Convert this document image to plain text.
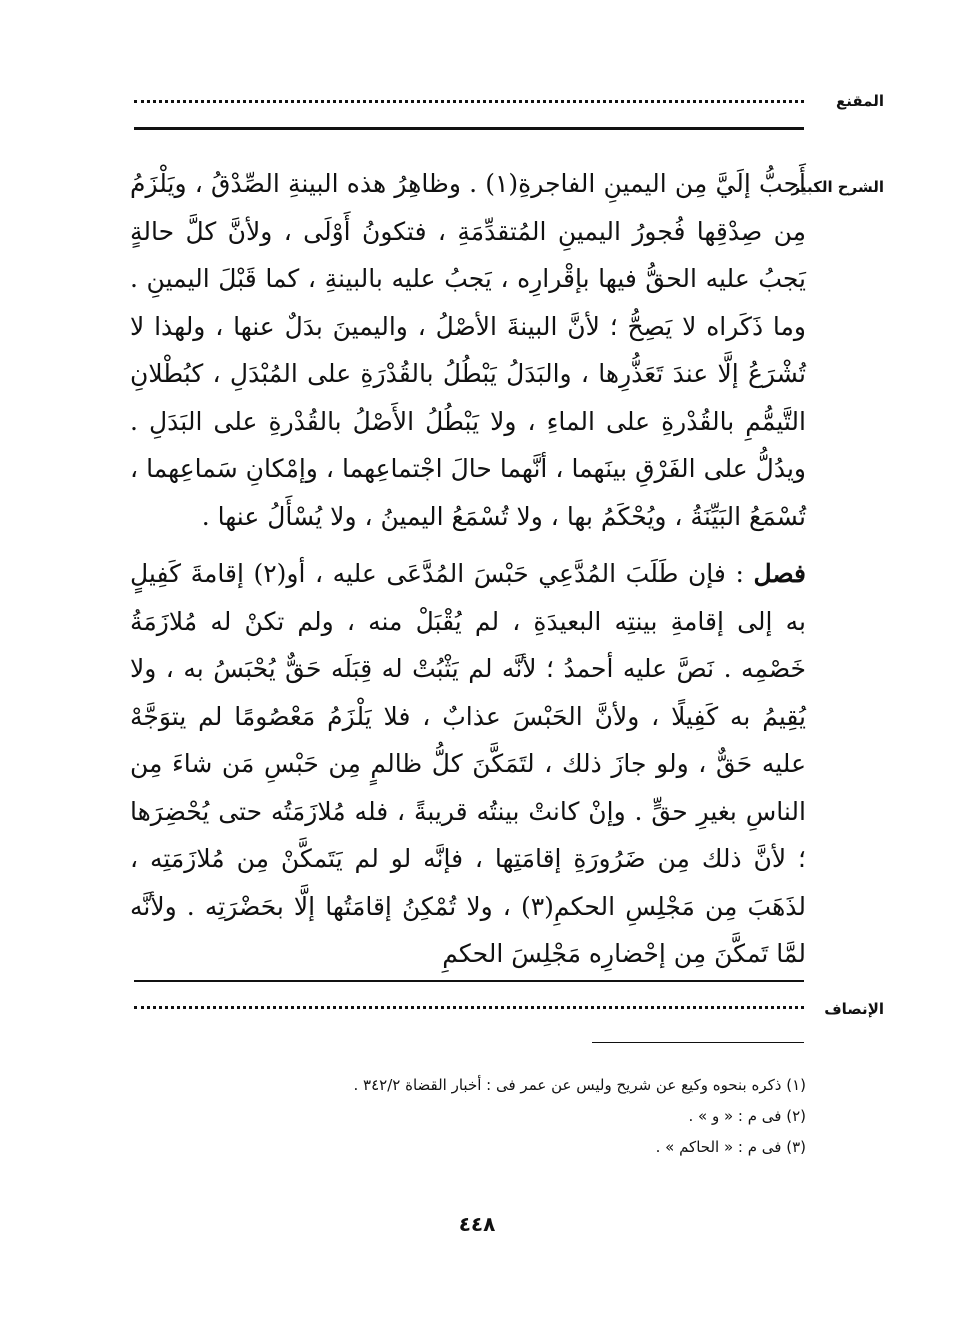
المقنع
الشرح الكبير

أَحبُّ إلَيَّ مِن اليمينِ الفاجرةِ(١) . وظاهِرُ هذه البينةِ الصِّدْقُ ، ويَلْزَمُ مِن صِدْقِها فُجورُ اليمينِ المُتقدِّمَةِ ، فتكونُ أَوْلَى ، ولأنَّ كلَّ حالةٍ يَجبُ عليه الحقُّ فيها بإقْرارِه ، يَجبُ عليه بالبينةِ ، كما قَبْلَ اليمينِ . وما ذَكَراه لا يَصِحُّ ؛ لأنَّ البينةَ الأصْلُ ، واليمينَ بدَلٌ عنها ، ولهذا لا تُشْرَعُ إلَّا عندَ تَعَذُّرِها ، والبَدَلُ يَبْطُلُ بالقُدْرَةِ على المُبْدَلِ ، كبُطْلانِ التَّيمُّمِ بالقُدْرةِ على الماءِ ، ولا يَبْطُلُ الأَصْلُ بالقُدْرةِ على البَدَلِ . ويدُلُّ على الفَرْقِ بينَهما ، أنَّهما حالَ اجْتماعِهما ، وإمْكانِ سَماعِهما ، تُسْمَعُ البَيِّنَةُ ، ويُحْكَمُ بها ، ولا تُسْمَعُ اليمينُ ، ولا يُسْأَلُ عنها .

فصل : فإن طَلَبَ المُدَّعِي حَبْسَ المُدَّعَى عليه ، أو(٢) إقامةَ كَفِيلٍ به إلى إقامةِ بينتِه البعيدَةِ ، لم يُقْبَلْ منه ، ولم تكنْ له مُلازَمَةُ خَصْمِه . نَصَّ عليه أحمدُ ؛ لأنَّه لم يَثْبُتْ له قِبَلَه حَقٌّ يُحْبَسُ به ، ولا يُقِيمُ به كَفِيلًا ، ولأنَّ الحَبْسَ عذابٌ ، فلا يَلْزَمُ مَعْصُومًا لم يتوَجَّهْ عليه حَقٌّ ، ولو جازَ ذلك ، لتَمَكَّنَ كلُّ ظالمٍ مِن حَبْسِ مَن شاءَ مِن الناسِ بغيرِ حقٍّ . وإنْ كانتْ بينتُه قريبةً ، فله مُلازَمَتُه حتى يُحْضِرَها ؛ لأنَّ ذلك مِن ضَرُورَةِ إقامَتِها ، فإنَّه لو لم يَتَمكَّنْ مِن مُلازَمَتِه ، لذَهَبَ مِن مَجْلِسِ الحكمِ(٣) ، ولا تُمْكِنُ إقامَتُها إلَّا بحَضْرَتِه . ولأنَّه لمَّا تَمكَّنَ مِن إحْضارِه مَجْلِسَ الحكمِ

الإنصاف
(١) ذكره بنحوه وكيع عن شريح وليس عن عمر فى : أخبار القضاة ٣٤٢/٢ .
(٢) فى م : « و » .
(٣) فى م : « الحاكم » .
٤٤٨
